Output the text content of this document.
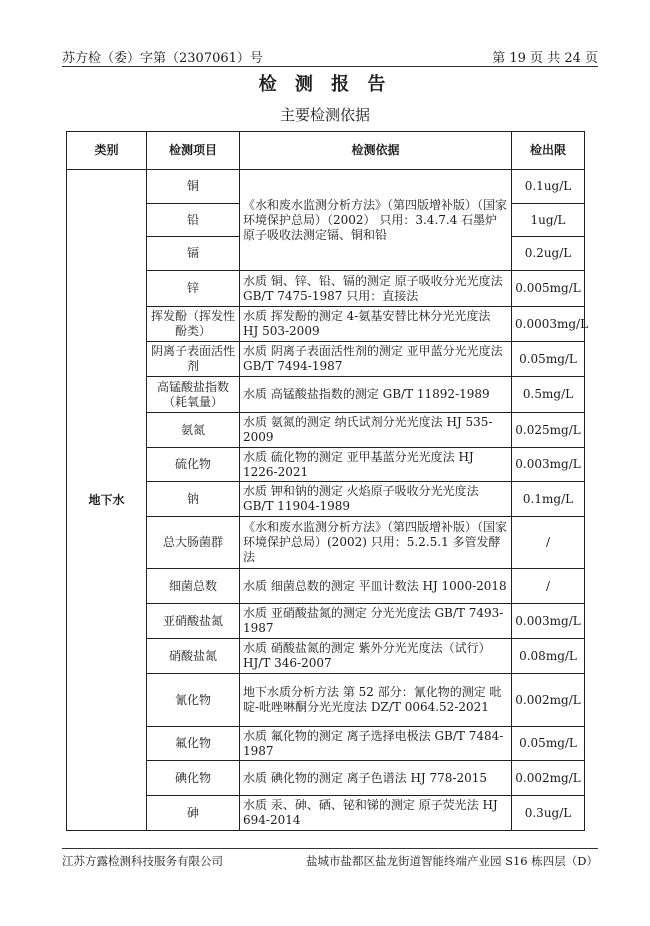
苏方检（委）字第（2307061）号	第 19 页 共 24 页
检 测 报 告
主要检测依据
类别	检测项目	检测依据	检出限
地下水	铜	《水和废水监测分析方法》（第四版增补版）（国家环境保护总局）（2002） 只用：3.4.7.4 石墨炉原子吸收法测定镉、铜和铅	0.1ug/L
	铅		1ug/L
	镉		0.2ug/L
	锌	水质 铜、锌、铅、镉的测定 原子吸收分光光度法 GB/T 7475-1987 只用：直接法	0.005mg/L
	挥发酚（挥发性酚类）	水质 挥发酚的测定 4-氨基安替比林分光光度法 HJ 503-2009	0.0003mg/L
	阴离子表面活性剂	水质 阴离子表面活性剂的测定 亚甲蓝分光光度法 GB/T 7494-1987	0.05mg/L
	高锰酸盐指数（耗氧量）	水质 高锰酸盐指数的测定 GB/T 11892-1989	0.5mg/L
	氨氮	水质 氨氮的测定 纳氏试剂分光光度法 HJ 535-2009	0.025mg/L
	硫化物	水质 硫化物的测定 亚甲基蓝分光光度法 HJ 1226-2021	0.003mg/L
	钠	水质 钾和钠的测定 火焰原子吸收分光光度法 GB/T 11904-1989	0.1mg/L
	总大肠菌群	《水和废水监测分析方法》（第四版增补版）（国家环境保护总局）(2002) 只用：5.2.5.1 多管发酵法	/
	细菌总数	水质 细菌总数的测定 平皿计数法 HJ 1000-2018	/
	亚硝酸盐氮	水质 亚硝酸盐氮的测定 分光光度法 GB/T 7493-1987	0.003mg/L
	硝酸盐氮	水质 硝酸盐氮的测定 紫外分光光度法（试行） HJ/T 346-2007	0.08mg/L
	氰化物	地下水质分析方法 第 52 部分：氰化物的测定 吡啶-吡唑啉酮分光光度法 DZ/T 0064.52-2021	0.002mg/L
	氟化物	水质 氟化物的测定 离子选择电极法 GB/T 7484-1987	0.05mg/L
	碘化物	水质 碘化物的测定 离子色谱法 HJ 778-2015	0.002mg/L
	砷	水质 汞、砷、硒、铋和锑的测定 原子荧光法 HJ 694-2014	0.3ug/L
江苏方露检测科技服务有限公司	盐城市盐都区盐龙街道智能终端产业园 S16 栋四层（D）
